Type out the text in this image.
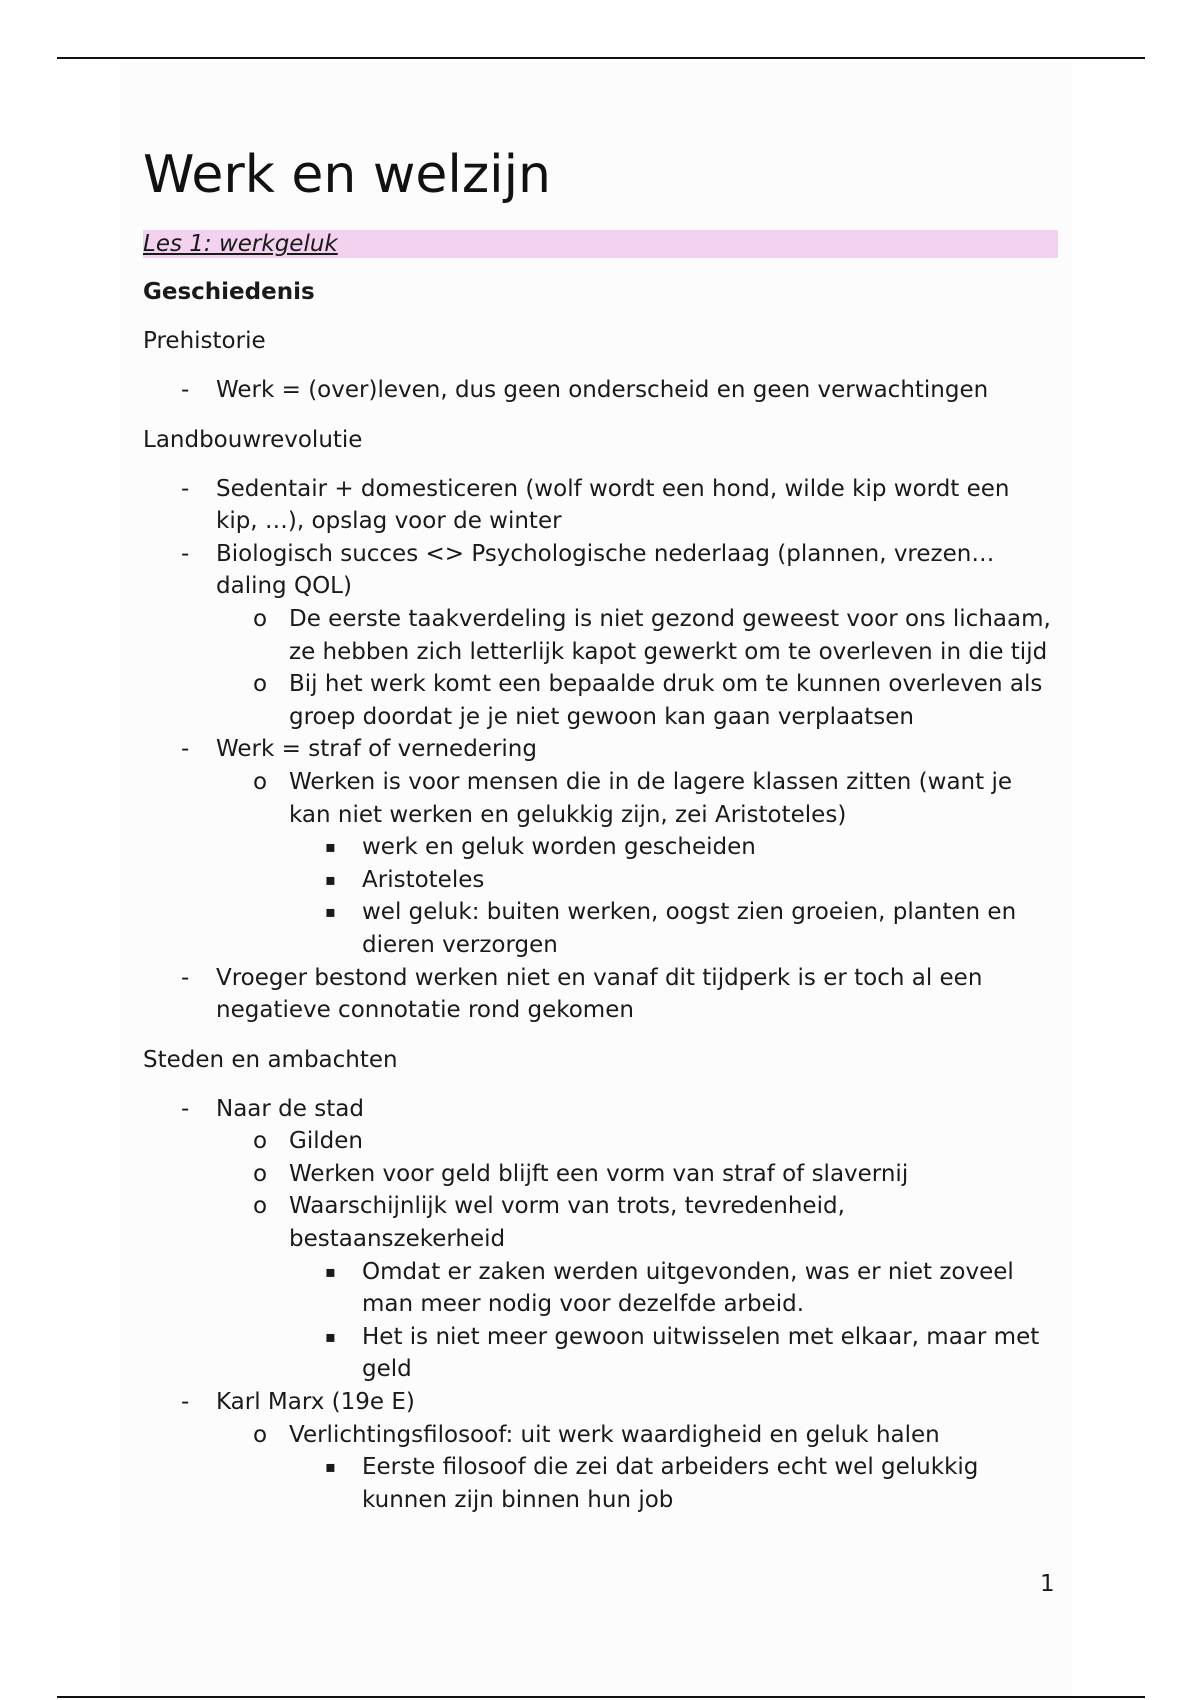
Werk en welzijn
Les 1: werkgeluk
Geschiedenis
Prehistorie
- Werk = (over)leven, dus geen onderscheid en geen verwachtingen
Landbouwrevolutie
- Sedentair + domesticeren (wolf wordt een hond, wilde kip wordt een kip, …), opslag voor de winter
- Biologisch succes <> Psychologische nederlaag (plannen, vrezen… daling QOL)
o De eerste taakverdeling is niet gezond geweest voor ons lichaam, ze hebben zich letterlijk kapot gewerkt om te overleven in die tijd
o Bij het werk komt een bepaalde druk om te kunnen overleven als groep doordat je je niet gewoon kan gaan verplaatsen
- Werk = straf of vernedering
o Werken is voor mensen die in de lagere klassen zitten (want je kan niet werken en gelukkig zijn, zei Aristoteles)
▪ werk en geluk worden gescheiden
▪ Aristoteles
▪ wel geluk: buiten werken, oogst zien groeien, planten en dieren verzorgen
- Vroeger bestond werken niet en vanaf dit tijdperk is er toch al een negatieve connotatie rond gekomen
Steden en ambachten
- Naar de stad
o Gilden
o Werken voor geld blijft een vorm van straf of slavernij
o Waarschijnlijk wel vorm van trots, tevredenheid, bestaanszekerheid
▪ Omdat er zaken werden uitgevonden, was er niet zoveel man meer nodig voor dezelfde arbeid.
▪ Het is niet meer gewoon uitwisselen met elkaar, maar met geld
- Karl Marx (19e E)
o Verlichtingsfilosoof: uit werk waardigheid en geluk halen
▪ Eerste filosoof die zei dat arbeiders echt wel gelukkig kunnen zijn binnen hun job
1
